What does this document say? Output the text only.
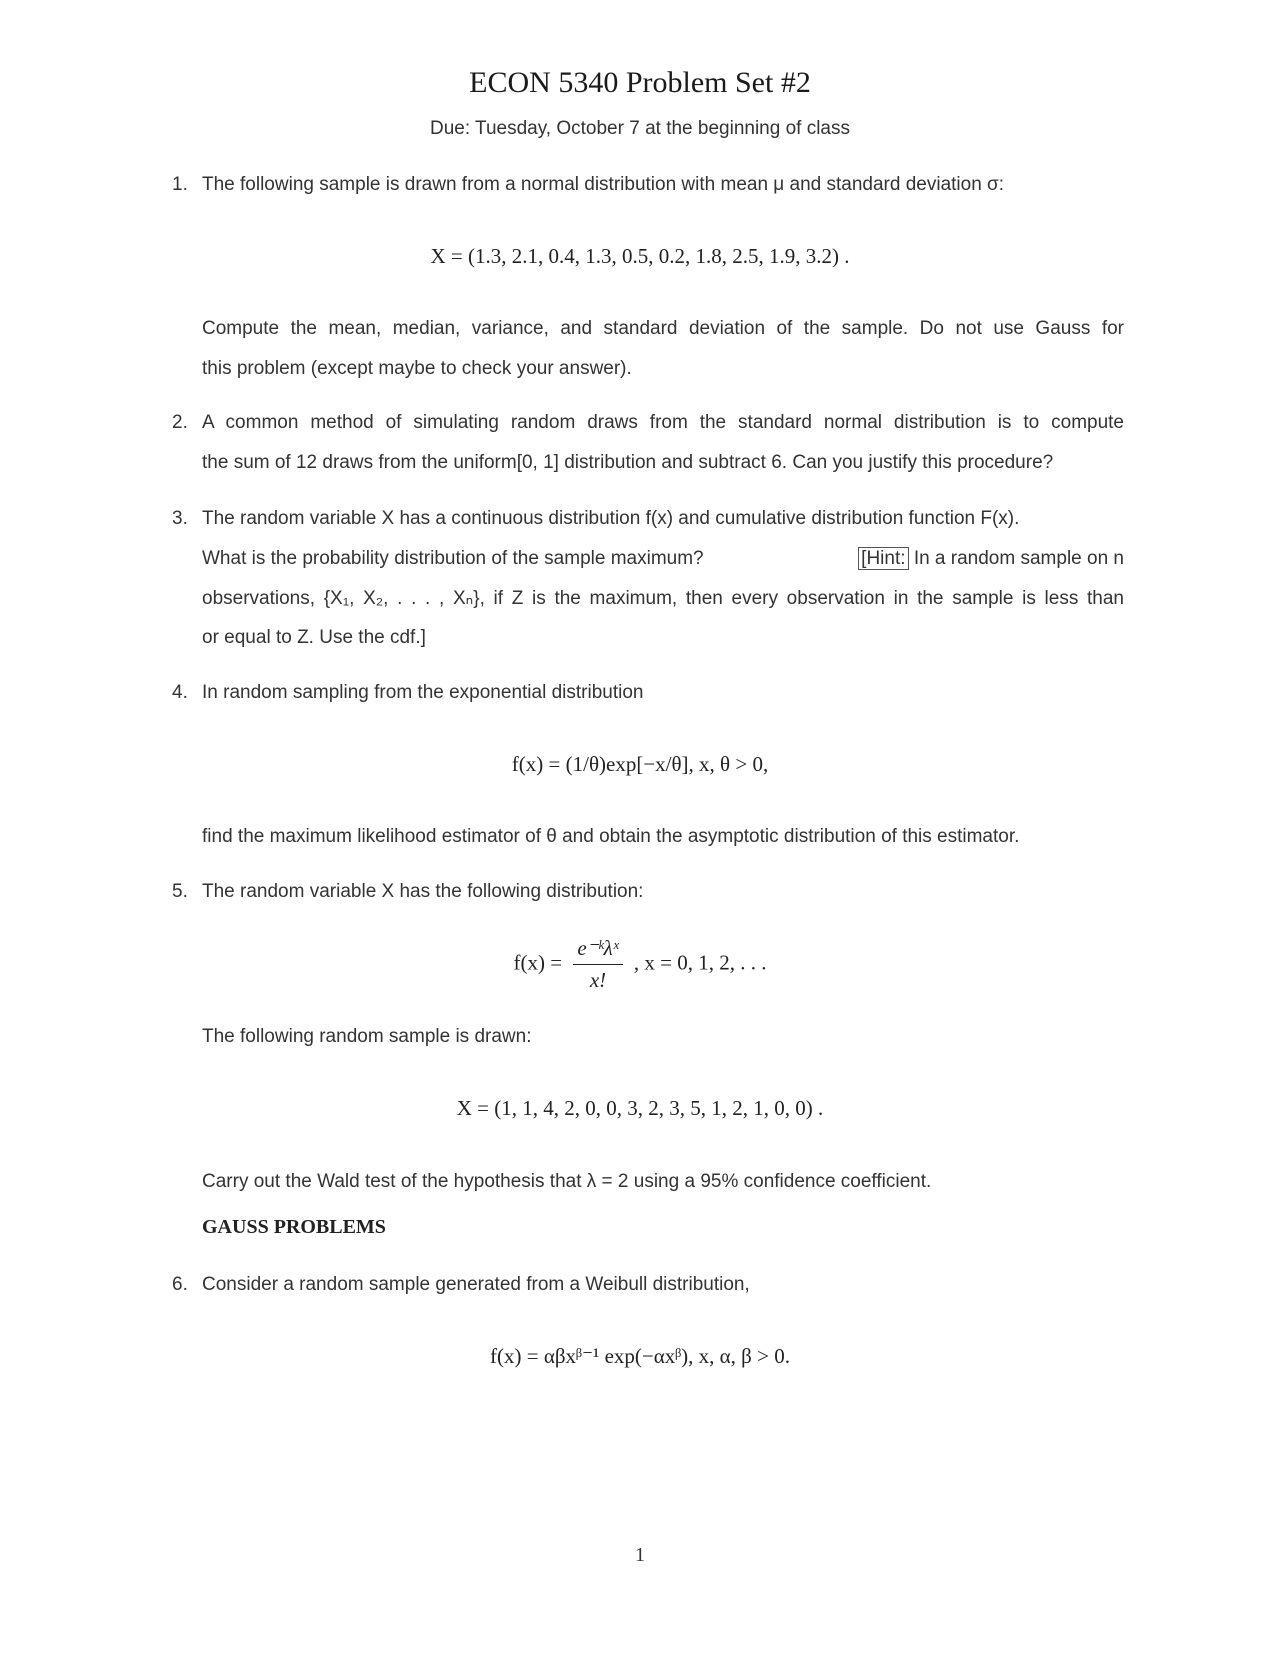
ECON 5340 Problem Set #2
Due: Tuesday, October 7 at the beginning of class
1. The following sample is drawn from a normal distribution with mean μ and standard deviation σ:
X = (1.3, 2.1, 0.4, 1.3, 0.5, 0.2, 1.8, 2.5, 1.9, 3.2) .
Compute the mean, median, variance, and standard deviation of the sample. Do not use Gauss for
this problem (except maybe to check your answer).
2. A common method of simulating random draws from the standard normal distribution is to compute
the sum of 12 draws from the uniform[0, 1] distribution and subtract 6. Can you justify this procedure?
3. The random variable X has a continuous distribution f(x) and cumulative distribution function F(x).
What is the probability distribution of the sample maximum?	[Hint: In a random sample on n
observations, {X₁, X₂, . . . , Xₙ}, if Z is the maximum, then every observation in the sample is less than
or equal to Z. Use the cdf.]
4. In random sampling from the exponential distribution
f(x) = (1/θ)exp[−x/θ], x, θ > 0,
find the maximum likelihood estimator of θ and obtain the asymptotic distribution of this estimator.
5. The random variable X has the following distribution:
$f(x) = \frac{\text{e⁻ᵏλˣ}}{x!}$ , x = 0, 1, 2, . . .
The following random sample is drawn:
X = (1, 1, 4, 2, 0, 0, 3, 2, 3, 5, 1, 2, 1, 0, 0) .
Carry out the Wald test of the hypothesis that λ = 2 using a 95% confidence coefficient.
GAUSS PROBLEMS
6. Consider a random sample generated from a Weibull distribution,
f(x) = αβxᵝ⁻¹ exp(−αxᵝ), x, α, β > 0.
1
